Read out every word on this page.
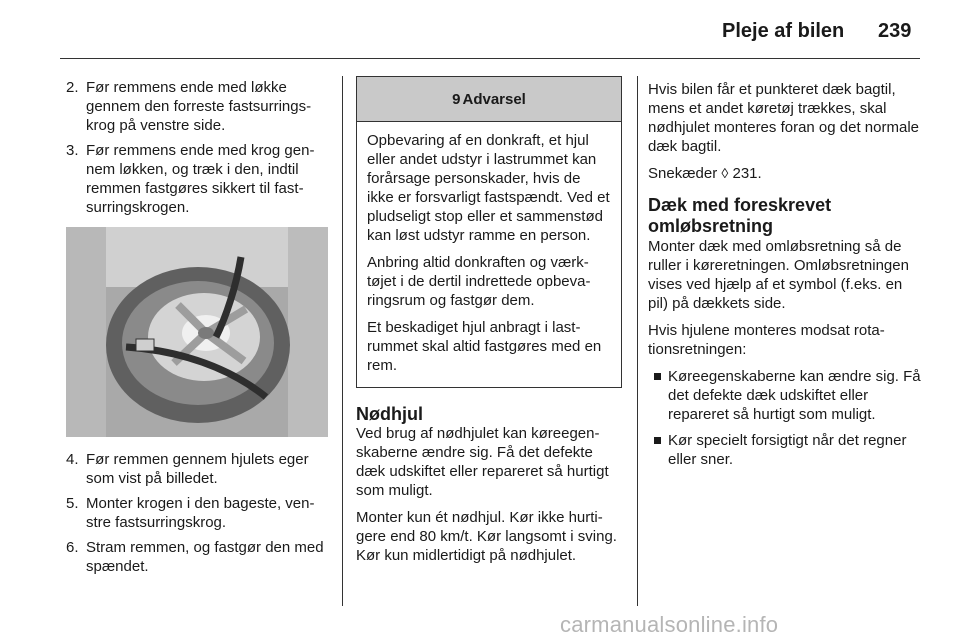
Pleje af bilen 239
2. Før remmens ende med løkke gennem den forreste fastsurringskrog på venstre side.
3. Før remmens ende med krog gennem løkken, og træk i den, indtil remmen fastgøres sikkert til fastsurringskrogen.
4. Før remmen gennem hjulets eger som vist på billedet.
5. Monter krogen i den bageste, venstre fastsurringskrog.
6. Stram remmen, og fastgør den med spændet.
9 Advarsel

Opbevaring af en donkraft, et hjul eller andet udstyr i lastrummet kan forårsage personskader, hvis de ikke er forsvarligt fastspændt. Ved et pludseligt stop eller et sammenstød kan løst udstyr ramme en person.

Anbring altid donkraften og værktøjet i de dertil indrettede opbevaringsrum og fastgør dem.

Et beskadiget hjul anbragt i lastrummet skal altid fastgøres med en rem.

Nødhjul

Ved brug af nødhjulet kan køreegenskaberne ændre sig. Få det defekte dæk udskiftet eller repareret så hurtigt som muligt.

Monter kun ét nødhjul. Kør ikke hurtigere end 80 km/t. Kør langsomt i sving. Kør kun midlertidigt på nødhjulet.

Hvis bilen får et punkteret dæk bagtil, mens et andet køretøj trækkes, skal nødhjulet monteres foran og det normale dæk bagtil.

Snekæder ◊ 231.

Dæk med foreskrevet omløbsretning

Monter dæk med omløbsretning så de ruller i køreretningen. Omløbsretningen vises ved hjælp af et symbol (f.eks. en pil) på dækkets side.

Hvis hjulene monteres modsat rotationsretningen:

Køreegenskaberne kan ændre sig. Få det defekte dæk udskiftet eller repareret så hurtigt som muligt.
Kør specielt forsigtigt når det regner eller sner.
carmanualsonline.info
